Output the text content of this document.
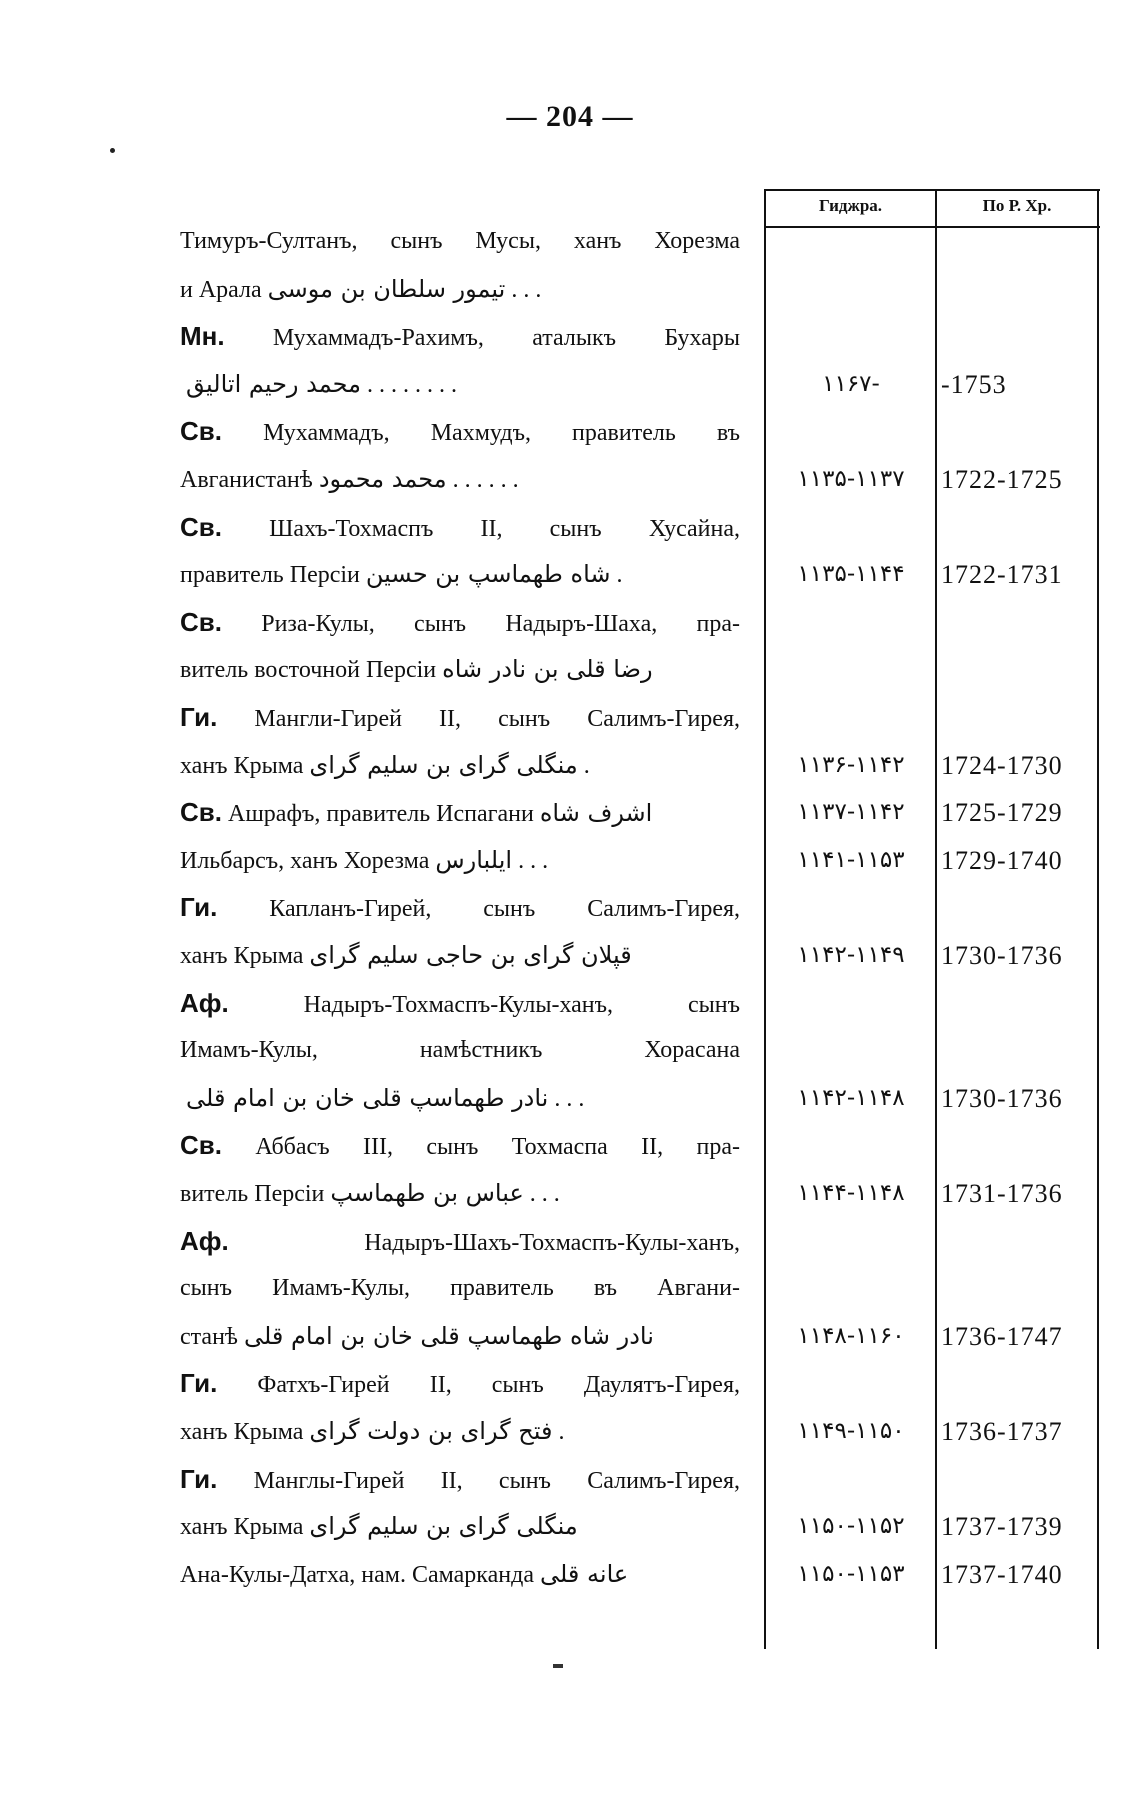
— 204 —
Гиджра.	По Р. Хр.
Тимуръ-Султанъ, сынъ Мусы, ханъ Хорезма
и Арала تیمور سلطان بن موسی . . .
Мн. Мухаммадъ-Рахимъ, аталыкъ Бухары
محمد رحیم اتالیق . . . . . . . .	-۱۱۶۷	-1753
Св. Мухаммадъ, Махмудъ, правитель въ
Авганистанѣ محمد محمود . . . . . .	۱۱۳۵-۱۱۳۷	1722-1725
Св. Шахъ-Тохмаспъ II, сынъ Хусайна,
правитель Персiи شاه طهماسپ بن حسین .	۱۱۳۵-۱۱۴۴	1722-1731
Св. Риза-Кулы, сынъ Надыръ-Шаха, пра-
витель восточной Персiи رضا قلی بن نادر شاه
Ги. Мангли-Гирей II, сынъ Салимъ-Гирея,
ханъ Крыма منگلی گرای بن سلیم گرای .	۱۱۳۶-۱۱۴۲	1724-1730
Св. Ашрафъ, правитель Испагани اشرف شاه	۱۱۳۷-۱۱۴۲	1725-1729
Ильбарсъ, ханъ Хорезма ایلبارس . . .	۱۱۴۱-۱۱۵۳	1729-1740
Ги. Капланъ-Гирей, сынъ Салимъ-Гирея,
ханъ Крыма قپلان گرای بن حاجی سلیم گرای	۱۱۴۲-۱۱۴۹	1730-1736
Аф.	Надыръ-Тохмаспъ-Кулы-ханъ, сынъ
Имамъ-Кулы, намѣстникъ Хорасана
نادر طهماسپ قلی خان بن امام قلی . . .	۱۱۴۲-۱۱۴۸	1730-1736
Св. Аббасъ III, сынъ Тохмаспа II, пра-
витель Персiи عباس بن طهماسپ . . .	۱۱۴۴-۱۱۴۸	1731-1736
Аф.	Надыръ-Шахъ-Тохмаспъ-Кулы-ханъ,
сынъ Имамъ-Кулы, правитель въ Авгани-
станѣ نادر شاه طهماسپ قلی خان بن امام قلی	۱۱۴۸-۱۱۶۰	1736-1747
Ги. Фатхъ-Гирей II, сынъ Даулятъ-Гирея,
ханъ Крыма فتح گرای بن دولت گرای .	۱۱۴۹-۱۱۵۰	1736-1737
Ги. Манглы-Гирей II, сынъ Салимъ-Гирея,
ханъ Крыма منگلی گرای بن سلیم گرای	۱۱۵۰-۱۱۵۲	1737-1739
Ана-Кулы-Датха, нам. Самарканда عانه قلی	۱۱۵۰-۱۱۵۳	1737-1740
